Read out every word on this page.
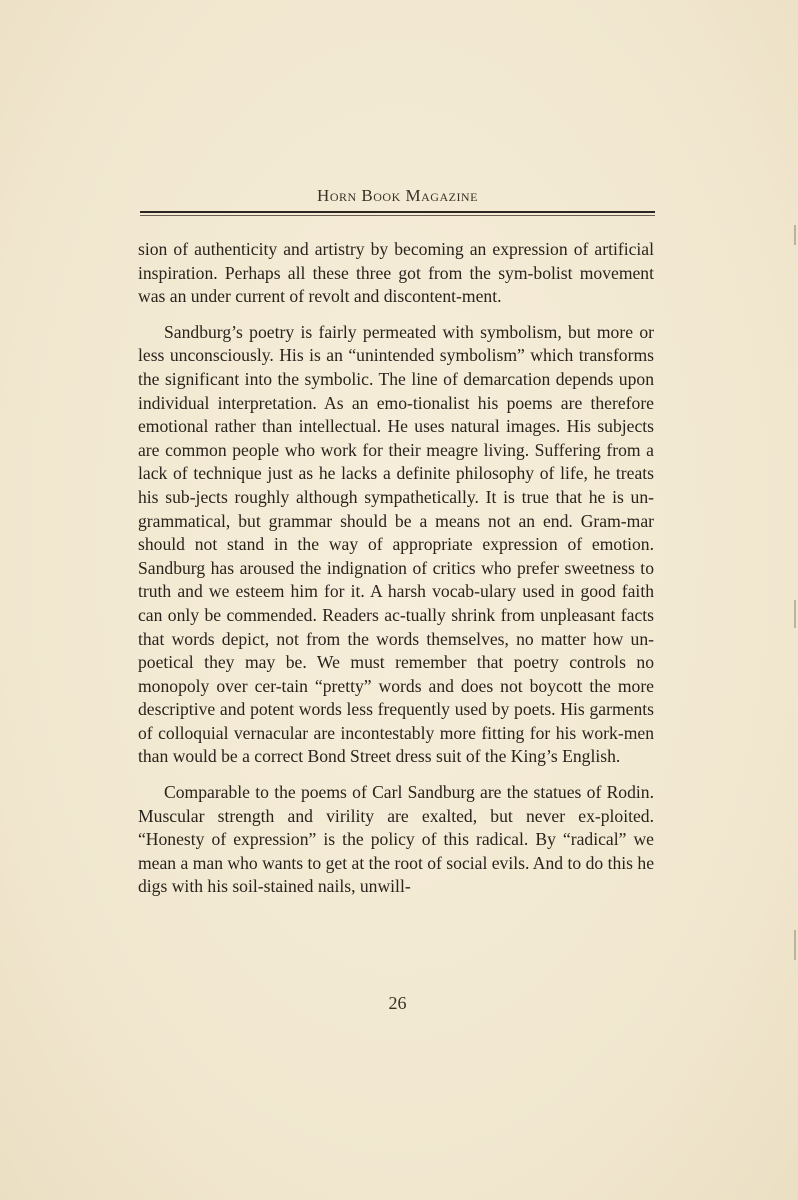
Horn Book Magazine

sion of authenticity and artistry by becoming an expression of artificial inspiration. Perhaps all these three got from the sym-bolist movement was an under current of revolt and discontent-ment.

Sandburg’s poetry is fairly permeated with symbolism, but more or less unconsciously. His is an “unintended symbolism” which transforms the significant into the symbolic. The line of demarcation depends upon individual interpretation. As an emo-tionalist his poems are therefore emotional rather than intellectual. He uses natural images. His subjects are common people who work for their meagre living. Suffering from a lack of technique just as he lacks a definite philosophy of life, he treats his sub-jects roughly although sympathetically. It is true that he is un-grammatical, but grammar should be a means not an end. Gram-mar should not stand in the way of appropriate expression of emotion. Sandburg has aroused the indignation of critics who prefer sweetness to truth and we esteem him for it. A harsh vocab-ulary used in good faith can only be commended. Readers ac-tually shrink from unpleasant facts that words depict, not from the words themselves, no matter how un-poetical they may be. We must remember that poetry controls no monopoly over cer-tain “pretty” words and does not boycott the more descriptive and potent words less frequently used by poets. His garments of colloquial vernacular are incontestably more fitting for his work-men than would be a correct Bond Street dress suit of the King’s English.

Comparable to the poems of Carl Sandburg are the statues of Rodin. Muscular strength and virility are exalted, but never ex-ploited. “Honesty of expression” is the policy of this radical. By “radical” we mean a man who wants to get at the root of social evils. And to do this he digs with his soil-stained nails, unwill-

26
